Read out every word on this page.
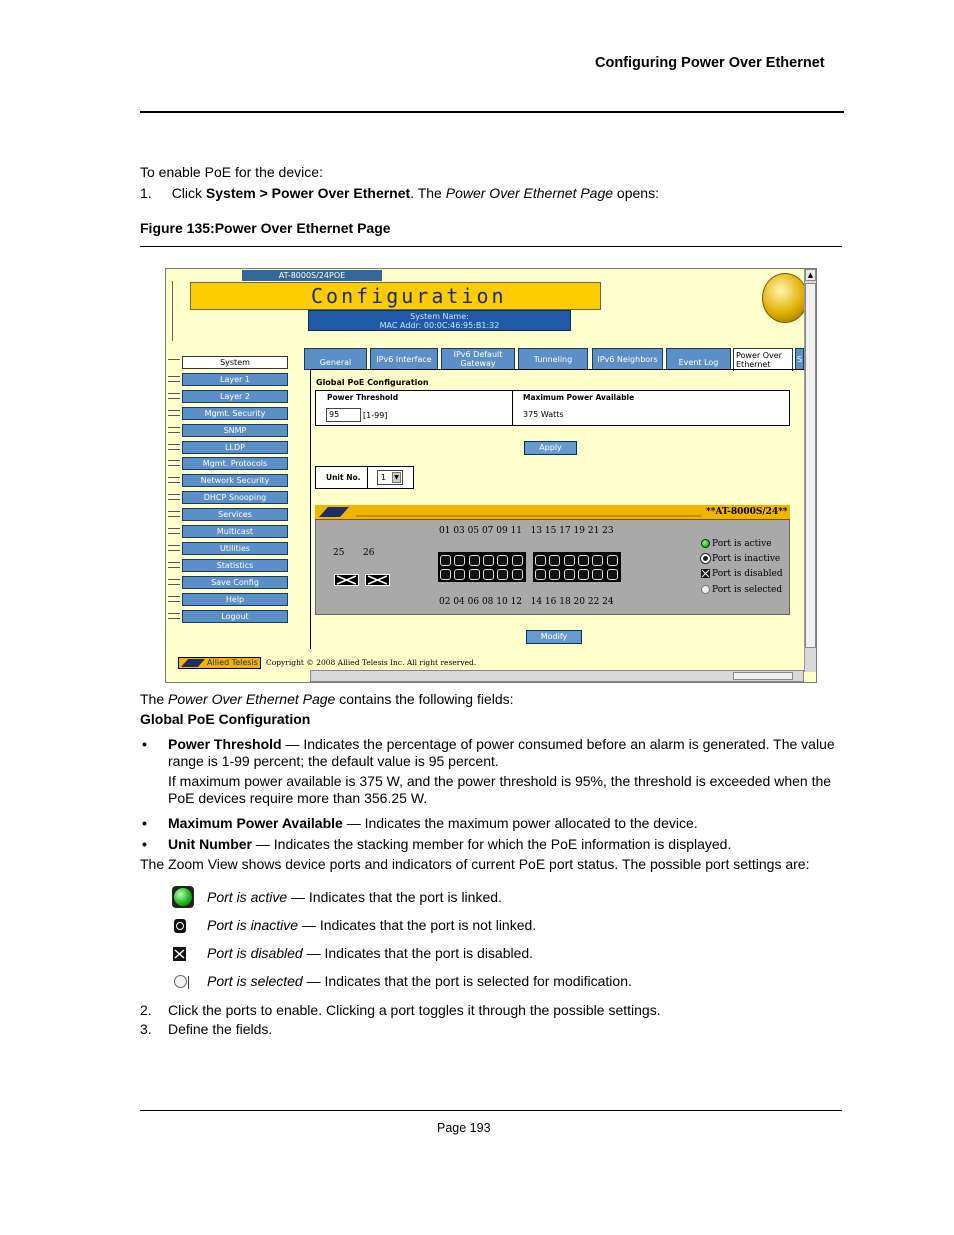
Configuring Power Over Ethernet

To enable PoE for the device:

1. Click System > Power Over Ethernet. The Power Over Ethernet Page opens:

Figure 135:Power Over Ethernet Page

AT-8000S/24POE
Configuration
System Name:
MAC Addr: 00:0C:46:95:B1:32
▲
System
Layer 1
Layer 2
Mgmt. Security
SNMP
LLDP
Mgmt. Protocols
Network Security
DHCP Snooping
Services
Multicast
Utilities
Statistics
Save Config
Help
Logout
General	IPv6 Interface	IPv6 Default Gateway	Tunneling	IPv6 Neighbors	Event Log
Power Over Ethernet
S
Global PoE Configuration
Power Threshold
95	[1-99]
Maximum Power Available
375 Watts
Apply
Unit No.	1	▼
**AT-8000S/24**
01 03 05 07 09 11   13 15 17 19 21 23
02 04 06 08 10 12   14 16 18 20 22 24
25 26
Port is active
Port is inactive
Port is disabled
Port is selected
Modify
Allied Telesis	Copyright © 2008 Allied Telesis Inc. All right reserved.

The Power Over Ethernet Page contains the following fields:

Global PoE Configuration

• Power Threshold — Indicates the percentage of power consumed before an alarm is generated. The value

range is 1-99 percent; the default value is 95 percent.

If maximum power available is 375 W, and the power threshold is 95%, the threshold is exceeded when the

PoE devices require more than 356.25 W.

• Maximum Power Available — Indicates the maximum power allocated to the device.

• Unit Number — Indicates the stacking member for which the PoE information is displayed.

The Zoom View shows device ports and indicators of current PoE port status. The possible port settings are:

Port is active — Indicates that the port is linked.

Port is inactive — Indicates that the port is not linked.

Port is disabled — Indicates that the port is disabled.

Port is selected — Indicates that the port is selected for modification.

2. Click the ports to enable. Clicking a port toggles it through the possible settings.

3. Define the fields.

Page 193
